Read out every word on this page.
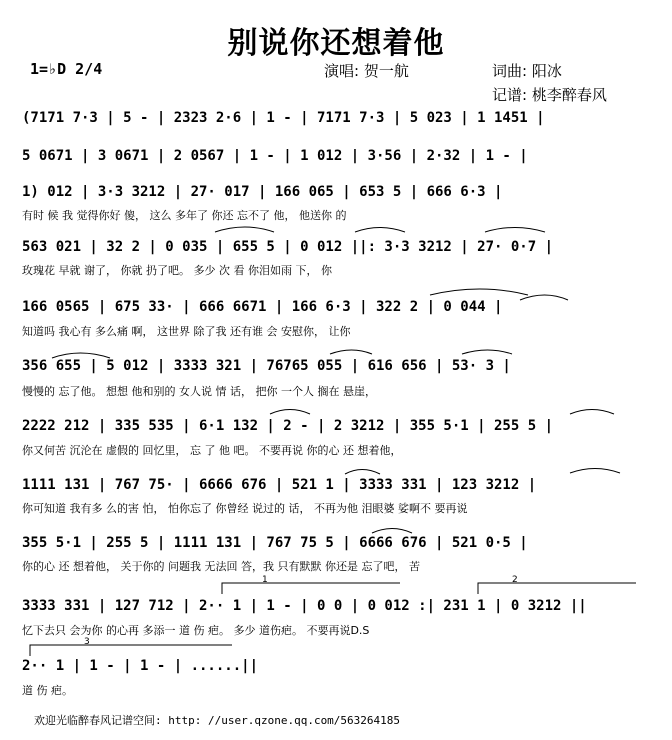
别说你还想着他
1=♭D 2/4	演唱: 贺一航	词曲: 阳冰
记谱: 桃李醉春风
(7171 7·3 | 5 - | 2323 2·6 | 1 - | 7171 7·3 | 5 023 | 1 1451 |
5 0671 | 3 0671 | 2 0567 | 1 - | 1 012 | 3·56 | 2·32 | 1 - |
1) 012 | 3·3 3212 | 27· 017 | 166 065 | 653 5 | 666 6·3 |
有时 候 我 觉得你好 傻， 这么 多年了 你还 忘不了 他， 他送你 的
563 021 | 32 2 | 0 035 | 655 5 | 0 012 ||: 3·3 3212 | 27· 0·7 |
玫瑰花 早就 谢了， 你就 扔了吧。 多少 次 看 你泪如雨 下， 你
166 0565 | 675 33· | 666 6671 | 166 6·3 | 322 2 | 0 044 |
知道吗 我心有 多么痛 啊， 这世界 除了我 还有谁 会 安慰你， 让你
356 655 | 5 012 | 3333 321 | 76765 055 | 616 656 | 53· 3 |
慢慢的 忘了他。 想想 他和别的 女人说 情 话， 把你 一个人 搁在 悬崖，
2222 212 | 335 535 | 6·1 132 | 2 - | 2 3212 | 355 5·1 | 255 5 |
你又何苦 沉沦在 虚假的 回忆里， 忘 了 他 吧。 不要再说 你的心 还 想着他，
1111 131 | 767 75· | 6666 676 | 521 1 | 3333 331 | 123 3212 |
你可知道 我有多 么的害 怕， 怕你忘了 你曾经 说过的 话， 不再为他 泪眼婆 娑啊不 要再说
355 5·1 | 255 5 | 1111 131 | 767 75 5 | 6666 676 | 521 0·5 |
你的心 还 想着他， 关于你的 问题我 无法回 答，我 只有默默 你还是 忘了吧， 苦
3333 331 | 127 712 | 2·· 1 | 1 - | 0 0 | 0 012 :| 231 1 | 0 3212 ||
忆下去只 会为你 的心再 多添一 道 伤 疤。 多少 道伤疤。 不要再说D.S
2·· 1 | 1 - | 1 - | ......||
道 伤 疤。
1	2
3
欢迎光临醉春风记谱空间: http: //user.qzone.qq.com/563264185
